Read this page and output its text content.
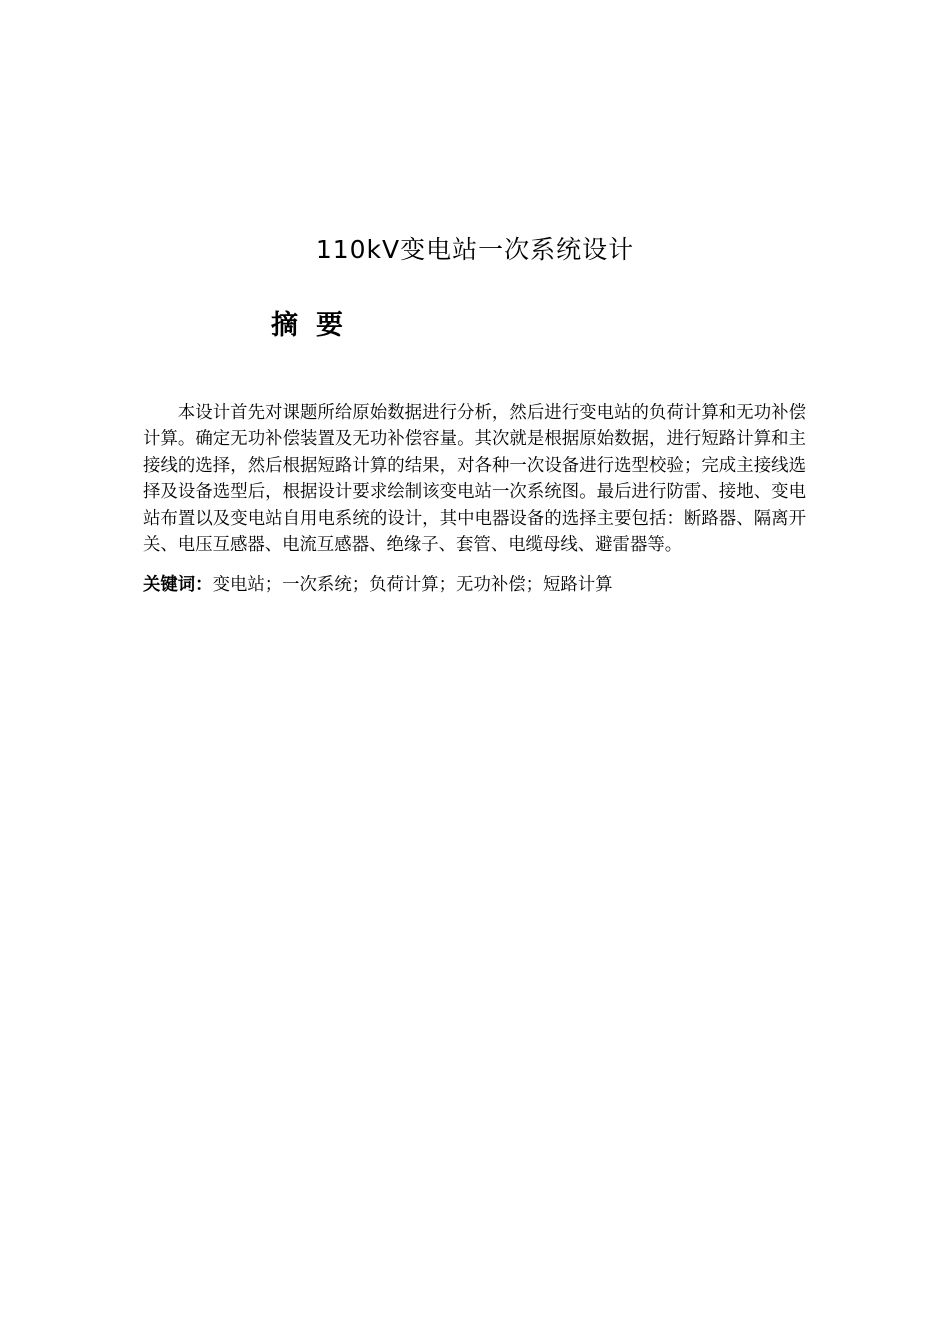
110kV变电站一次系统设计
摘要

本设计首先对课题所给原始数据进行分析，然后进行变电站的负荷计算和无功补偿计算。确定无功补偿装置及无功补偿容量。其次就是根据原始数据，进行短路计算和主接线的选择，然后根据短路计算的结果，对各种一次设备进行选型校验；完成主接线选择及设备选型后，根据设计要求绘制该变电站一次系统图。最后进行防雷、接地、变电站布置以及变电站自用电系统的设计，其中电器设备的选择主要包括：断路器、隔离开关、电压互感器、电流互感器、绝缘子、套管、电缆母线、避雷器等。

关键词：变电站；一次系统；负荷计算；无功补偿；短路计算
